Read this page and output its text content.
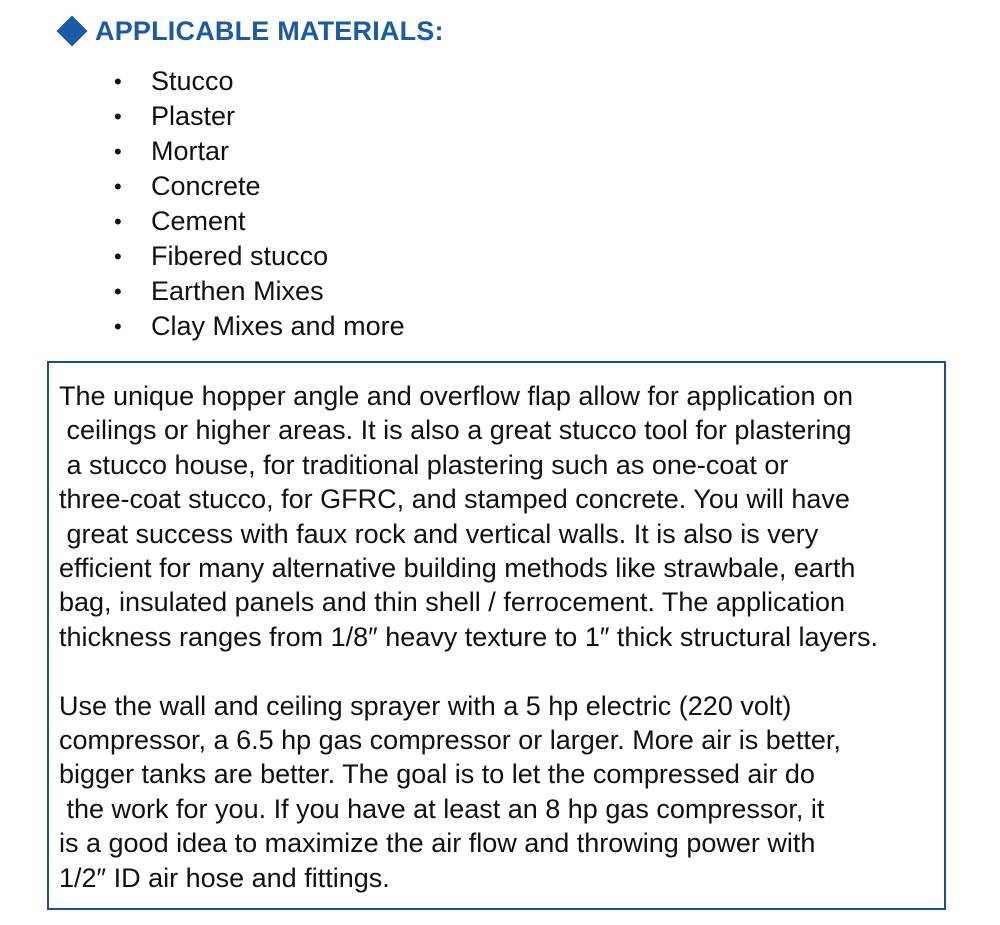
APPLICABLE MATERIALS:
•	Stucco
•	Plaster
•	Mortar
•	Concrete
•	Cement
•	Fibered stucco
•	Earthen Mixes
•	Clay Mixes and more

The unique hopper angle and overflow flap allow for application on
ceilings or higher areas. It is also a great stucco tool for plastering
a stucco house, for traditional plastering such as one-coat or
three-coat stucco, for GFRC, and stamped concrete. You will have
great success with faux rock and vertical walls. It is also is very
efficient for many alternative building methods like strawbale, earth
bag, insulated panels and thin shell / ferrocement. The application
thickness ranges from 1/8″ heavy texture to 1″ thick structural layers.

Use the wall and ceiling sprayer with a 5 hp electric (220 volt)
compressor, a 6.5 hp gas compressor or larger. More air is better,
bigger tanks are better. The goal is to let the compressed air do
the work for you. If you have at least an 8 hp gas compressor, it
is a good idea to maximize the air flow and throwing power with
1/2″ ID air hose and fittings.
